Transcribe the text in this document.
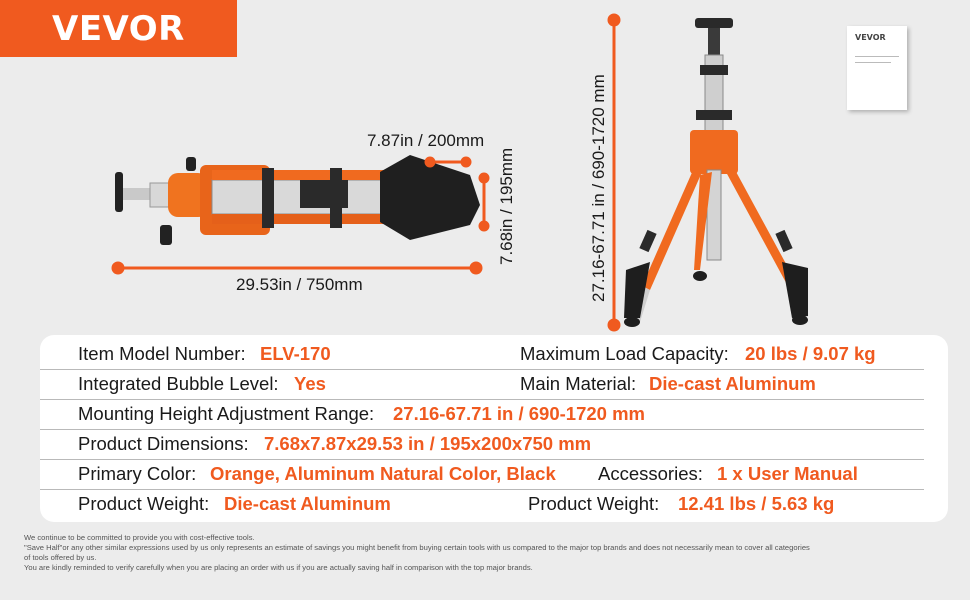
VEVOR
7.87in / 200mm
7.68in / 195mm
29.53in / 750mm	27.16-67.71 in / 690-1720 mm
VEVOR
Item Model Number: ELV-170	Maximum Load Capacity: 20 lbs / 9.07 kg
Integrated Bubble Level: Yes	Main Material: Die-cast Aluminum
Mounting Height Adjustment Range: 27.16-67.71 in / 690-1720 mm
Product Dimensions: 7.68x7.87x29.53 in / 195x200x750 mm
Primary Color: Orange, Aluminum Natural Color, Black Accessories: 1 x User Manual
Product Weight: Die-cast Aluminum	Product Weight: 12.41 lbs / 5.63 kg
We continue to be committed to provide you with cost-effective tools.
"Save Half"or any other similar expressions used by us only represents an estimate of savings you might benefit from buying certain tools with us compared to the major top brands and does not necessarily mean to cover all categories
of tools offered by us.
You are kindly reminded to verify carefully when you are placing an order with us if you are actually saving half in comparison with the top major brands.
